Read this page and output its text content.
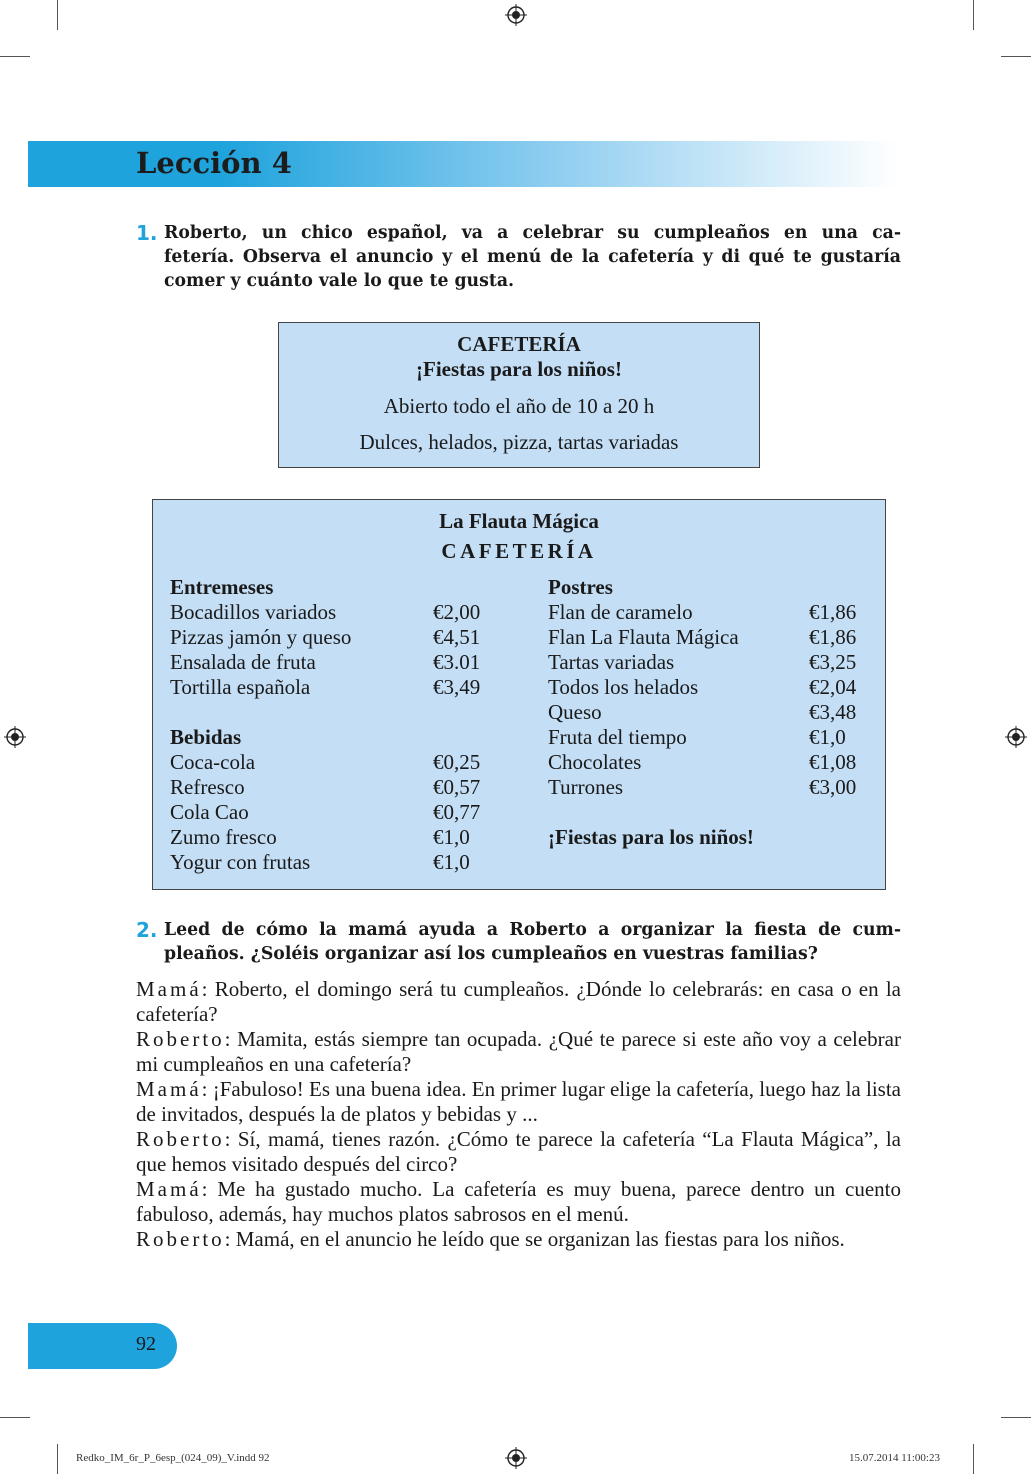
Lección 4
1. Roberto, un chico español, va a celebrar su cumpleaños en una ca-
fetería. Observa el anuncio y el menú de la cafetería y di qué te gustaría
comer y cuánto vale lo que te gusta.
CAFETERÍA
¡Fiestas para los niños!
Abierto todo el año de 10 a 20 h
Dulces, helados, pizza, tartas variadas
La Flauta Mágica
CAFETERÍA
Entremeses
Bocadillos variados	€2,00
Pizzas jamón y queso	€4,51
Ensalada de fruta	€3.01
Tortilla española	€3,49
Bebidas
Coca-cola	€0,25
Refresco	€0,57
Cola Cao	€0,77
Zumo fresco	€1,0
Yogur con frutas	€1,0
Postres
Flan de caramelo	€1,86
Flan La Flauta Mágica	€1,86
Tartas variadas	€3,25
Todos los helados	€2,04
Queso	€3,48
Fruta del tiempo	€1,0
Chocolates	€1,08
Turrones	€3,00
¡Fiestas para los niños!
2. Leed de cómo la mamá ayuda a Roberto a organizar la fiesta de cum-
pleaños. ¿Soléis organizar así los cumpleaños en vuestras familias?

Mamá: Roberto, el domingo será tu cumpleaños. ¿Dónde lo celebrarás: en casa o en la cafetería?

Roberto: Mamita, estás siempre tan ocupada. ¿Qué te parece si este año voy a celebrar mi cumpleaños en una cafetería?

Mamá: ¡Fabuloso! Es una buena idea. En primer lugar elige la cafetería, luego haz la lista de invitados, después la de platos y bebidas y ...

Roberto: Sí, mamá, tienes razón. ¿Cómo te parece la cafetería “La Flauta Mágica”, la que hemos visitado después del circo?

Mamá: Me ha gustado mucho. La cafetería es muy buena, parece dentro un cuento fabuloso, además, hay muchos platos sabrosos en el menú.

Roberto: Mamá, en el anuncio he leído que se organizan las fiestas para los niños.

92
Redko_IM_6r_P_6esp_(024_09)_V.indd 92	15.07.2014 11:00:23
